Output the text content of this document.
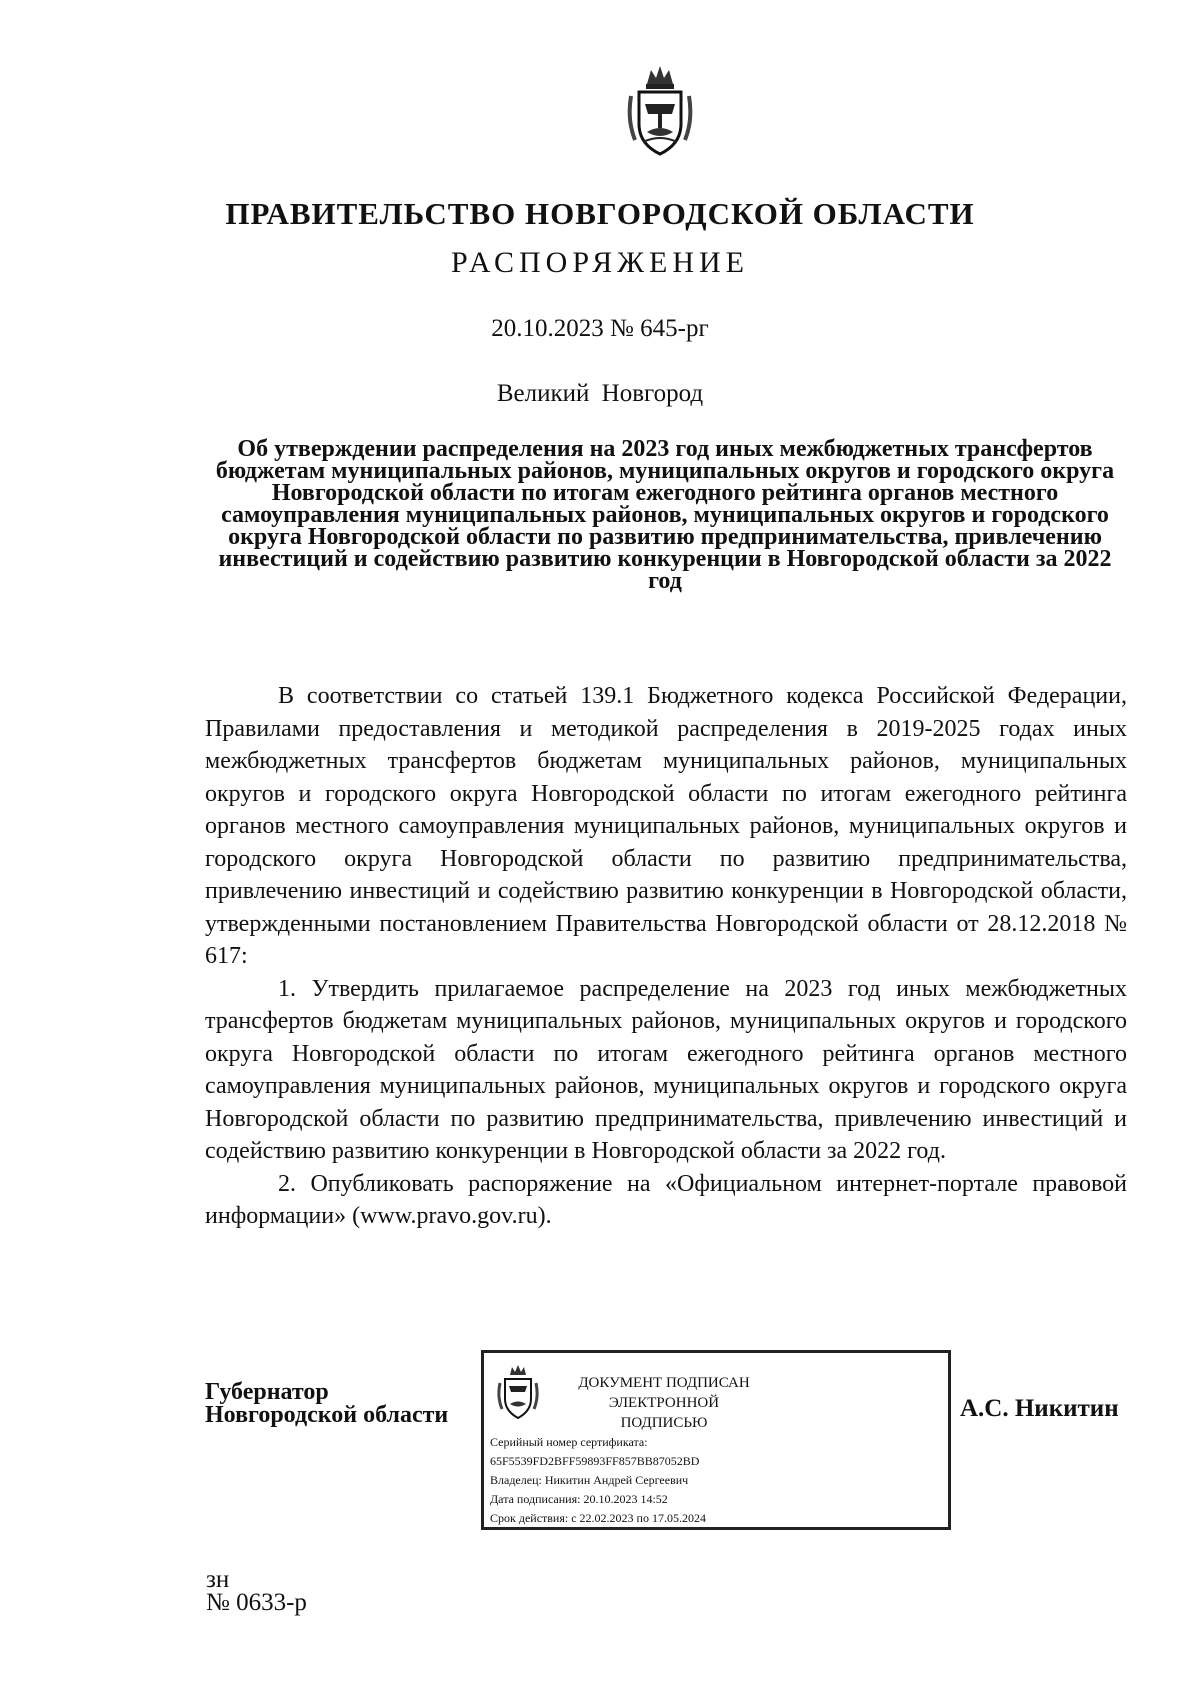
ПРАВИТЕЛЬСТВО НОВГОРОДСКОЙ ОБЛАСТИ
РАСПОРЯЖЕНИЕ
20.10.2023 № 645-рг
Великий Новгород
Об утверждении распределения на 2023 год иных межбюджетных трансфертов бюджетам муниципальных районов, муниципальных округов и городского округа Новгородской области по итогам ежегодного рейтинга органов местного самоуправления муниципальных районов, муниципальных округов и городского округа Новгородской области по развитию предпринимательства, привлечению инвестиций и содействию развитию конкуренции в Новгородской области за 2022 год

В соответствии со статьей 139.1 Бюджетного кодекса Российской Федерации, Правилами предоставления и методикой распределения в 2019-2025 годах иных межбюджетных трансфертов бюджетам муниципальных районов, муниципальных округов и городского округа Новгородской области по итогам ежегодного рейтинга органов местного самоуправления муниципальных районов, муниципальных округов и городского округа Новгородской области по развитию предпринимательства, привлечению инвестиций и содействию развитию конкуренции в Новгородской области, утвержденными постановлением Правительства Новгородской области от 28.12.2018 № 617:

1. Утвердить прилагаемое распределение на 2023 год иных межбюджетных трансфертов бюджетам муниципальных районов, муниципальных округов и городского округа Новгородской области по итогам ежегодного рейтинга органов местного самоуправления муниципальных районов, муниципальных округов и городского округа Новгородской области по развитию предпринимательства, привлечению инвестиций и содействию развитию конкуренции в Новгородской области за 2022 год.

2. Опубликовать распоряжение на «Официальном интернет-портале правовой информации» (www.pravo.gov.ru).

Губернатор
Новгородской области
ДОКУМЕНТ ПОДПИСАН
ЭЛЕКТРОННОЙ ПОДПИСЬЮ
Серийный номер сертификата:
65F5539FD2BFF59893FF857BB87052BD
Владелец: Никитин Андрей Сергеевич
Дата подписания: 20.10.2023 14:52
Срок действия: с 22.02.2023 по 17.05.2024
А.С. Никитин
зн
№ 0633-р
